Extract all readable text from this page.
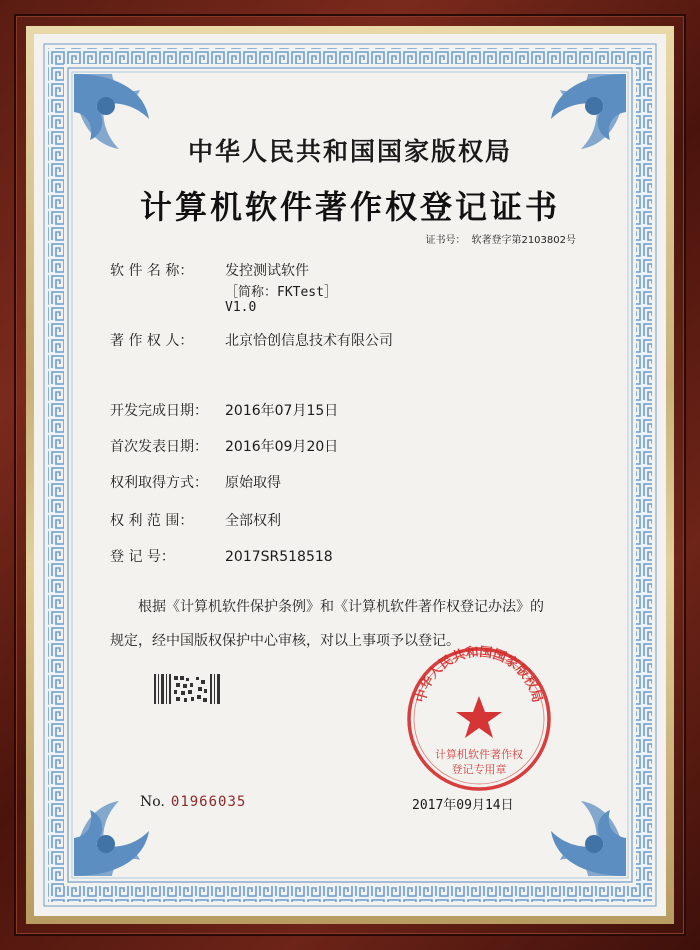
中华人民共和国国家版权局
计算机软件著作权登记证书
证书号： 软著登字第2103802号
软 件 名 称： 发控测试软件
［简称：FKTest］
V1.0
著 作 权 人： 北京恰创信息技术有限公司
开发完成日期： 2016年07月15日
首次发表日期： 2016年09月20日
权利取得方式： 原始取得
权 利 范 围： 全部权利
登 记 号：	2017SR518518
根据《计算机软件保护条例》和《计算机软件著作权登记办法》的
规定，经中国版权保护中心审核，对以上事项予以登记。
No. 01966035	2017年09月14日
中华人民共和国国家版权局
计算机软件著作权
登记专用章
